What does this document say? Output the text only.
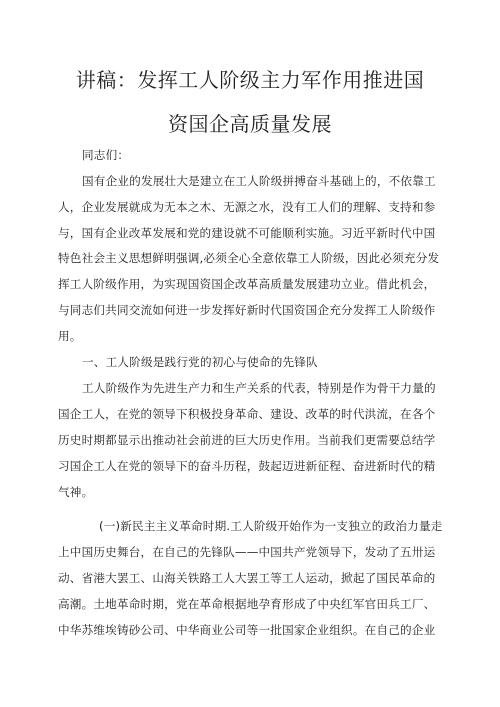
讲稿：发挥工人阶级主力军作用推进国
资国企高质量发展
同志们：
国有企业的发展壮大是建立在工人阶级拼搏奋斗基础上的，不依靠工
人，企业发展就成为无本之木、无源之水，没有工人们的理解、支持和参
与，国有企业改革发展和党的建设就不可能顺利实施。习近平新时代中国
特色社会主义思想鲜明强调,必须全心全意依靠工人阶级，因此必须充分发
挥工人阶级作用，为实现国资国企改革高质量发展建功立业。借此机会，
与同志们共同交流如何进一步发挥好新时代国资国企充分发挥工人阶级作
用。
一、工人阶级是践行党的初心与使命的先锋队
工人阶级作为先进生产力和生产关系的代表，特别是作为骨干力量的
国企工人，在党的领导下积极投身革命、建设、改革的时代洪流，在各个
历史时期都显示出推动社会前进的巨大历史作用。当前我们更需要总结学
习国企工人在党的领导下的奋斗历程，鼓起迈进新征程、奋进新时代的精
气神。
(一)新民主主义革命时期.工人阶级开始作为一支独立的政治力量走
上中国历史舞台，在自己的先锋队——中国共产党领导下，发动了五卅运
动、省港大罢工、山海关铁路工人大罢工等工人运动，掀起了国民革命的
高潮。土地革命时期，党在革命根据地孕育形成了中央红军官田兵工厂、
中华苏维埃铸砂公司、中华商业公司等一批国家企业组织。在自己的企业
